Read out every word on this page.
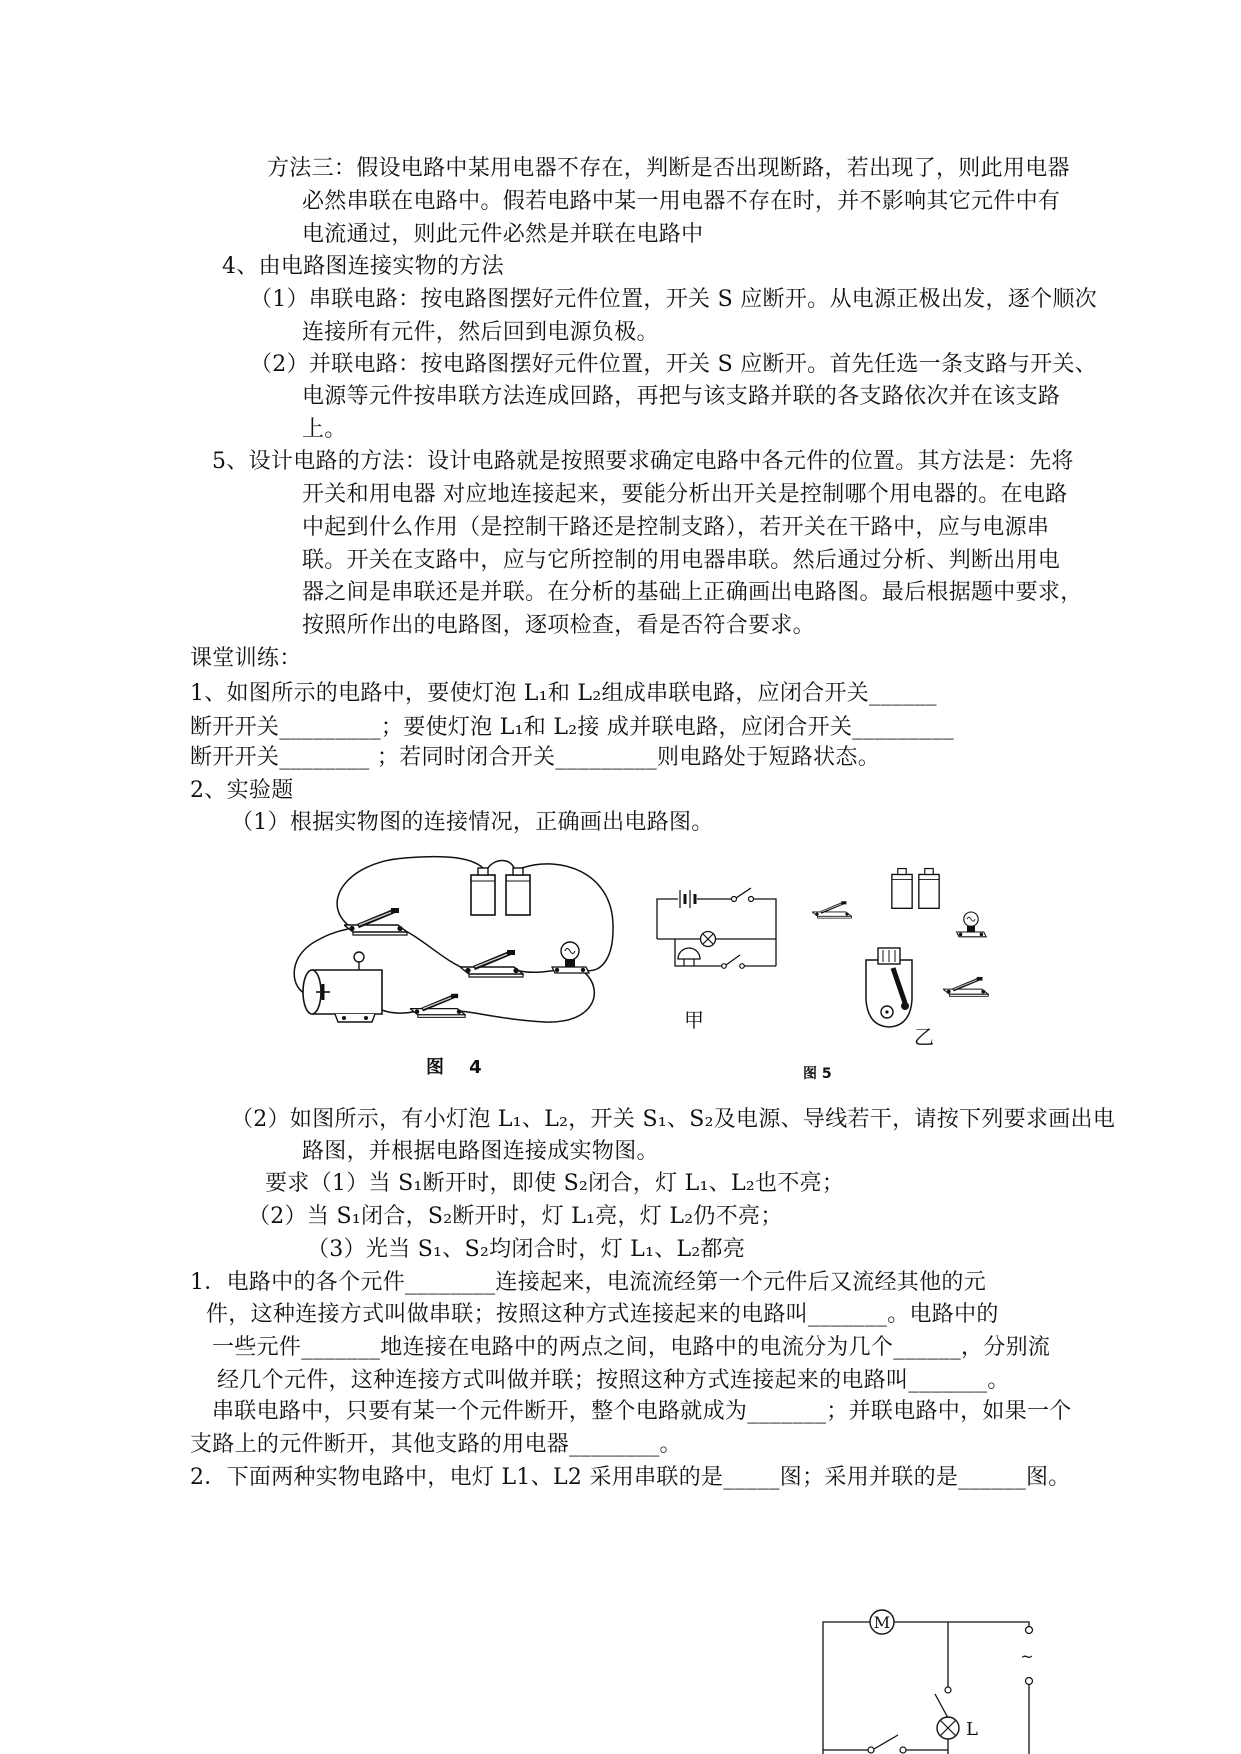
方法三：假设电路中某用电器不存在，判断是否出现断路，若出现了，则此用电器
必然串联在电路中。假若电路中某一用电器不存在时，并不影响其它元件中有
电流通过，则此元件必然是并联在电路中
4、由电路图连接实物的方法
（1）串联电路：按电路图摆好元件位置，开关 S 应断开。从电源正极出发，逐个顺次
连接所有元件，然后回到电源负极。
（2）并联电路：按电路图摆好元件位置，开关 S 应断开。首先任选一条支路与开关、
电源等元件按串联方法连成回路，再把与该支路并联的各支路依次并在该支路
上。
5、设计电路的方法：设计电路就是按照要求确定电路中各元件的位置。其方法是：先将
开关和用电器 对应地连接起来，要能分析出开关是控制哪个用电器的。在电路
中起到什么作用（是控制干路还是控制支路），若开关在干路中，应与电源串
联。开关在支路中，应与它所控制的用电器串联。然后通过分析、判断出用电
器之间是串联还是并联。在分析的基础上正确画出电路图。最后根据题中要求，
按照所作出的电路图，逐项检查，看是否符合要求。
课堂训练：
1、如图所示的电路中，要使灯泡 L₁和 L₂组成串联电路，应闭合开关______
断开开关_________；要使灯泡 L₁和 L₂接 成并联电路，应闭合开关_________
断开开关________ ；若同时闭合开关_________则电路处于短路状态。
2、实验题
（1）根据实物图的连接情况，正确画出电路图。
图    4
甲
乙
图 5
（2）如图所示，有小灯泡 L₁、L₂，开关 S₁、S₂及电源、导线若干，请按下列要求画出电
路图，并根据电路图连接成实物图。
要求（1）当 S₁断开时，即使 S₂闭合，灯 L₁、L₂也不亮；
（2）当 S₁闭合，S₂断开时，灯 L₁亮，灯 L₂仍不亮；
（3）光当 S₁、S₂均闭合时，灯 L₁、L₂都亮
1．电路中的各个元件________连接起来，电流流经第一个元件后又流经其他的元
件，这种连接方式叫做串联；按照这种方式连接起来的电路叫_______。电路中的
一些元件_______地连接在电路中的两点之间，电路中的电流分为几个______，分别流
经几个元件，这种连接方式叫做并联；按照这种方式连接起来的电路叫_______。
串联电路中，只要有某一个元件断开，整个电路就成为_______；并联电路中，如果一个
支路上的元件断开，其他支路的用电器________。
2．下面两种实物电路中，电灯 L1、L2 采用串联的是_____图；采用并联的是______图。
M
~
L
